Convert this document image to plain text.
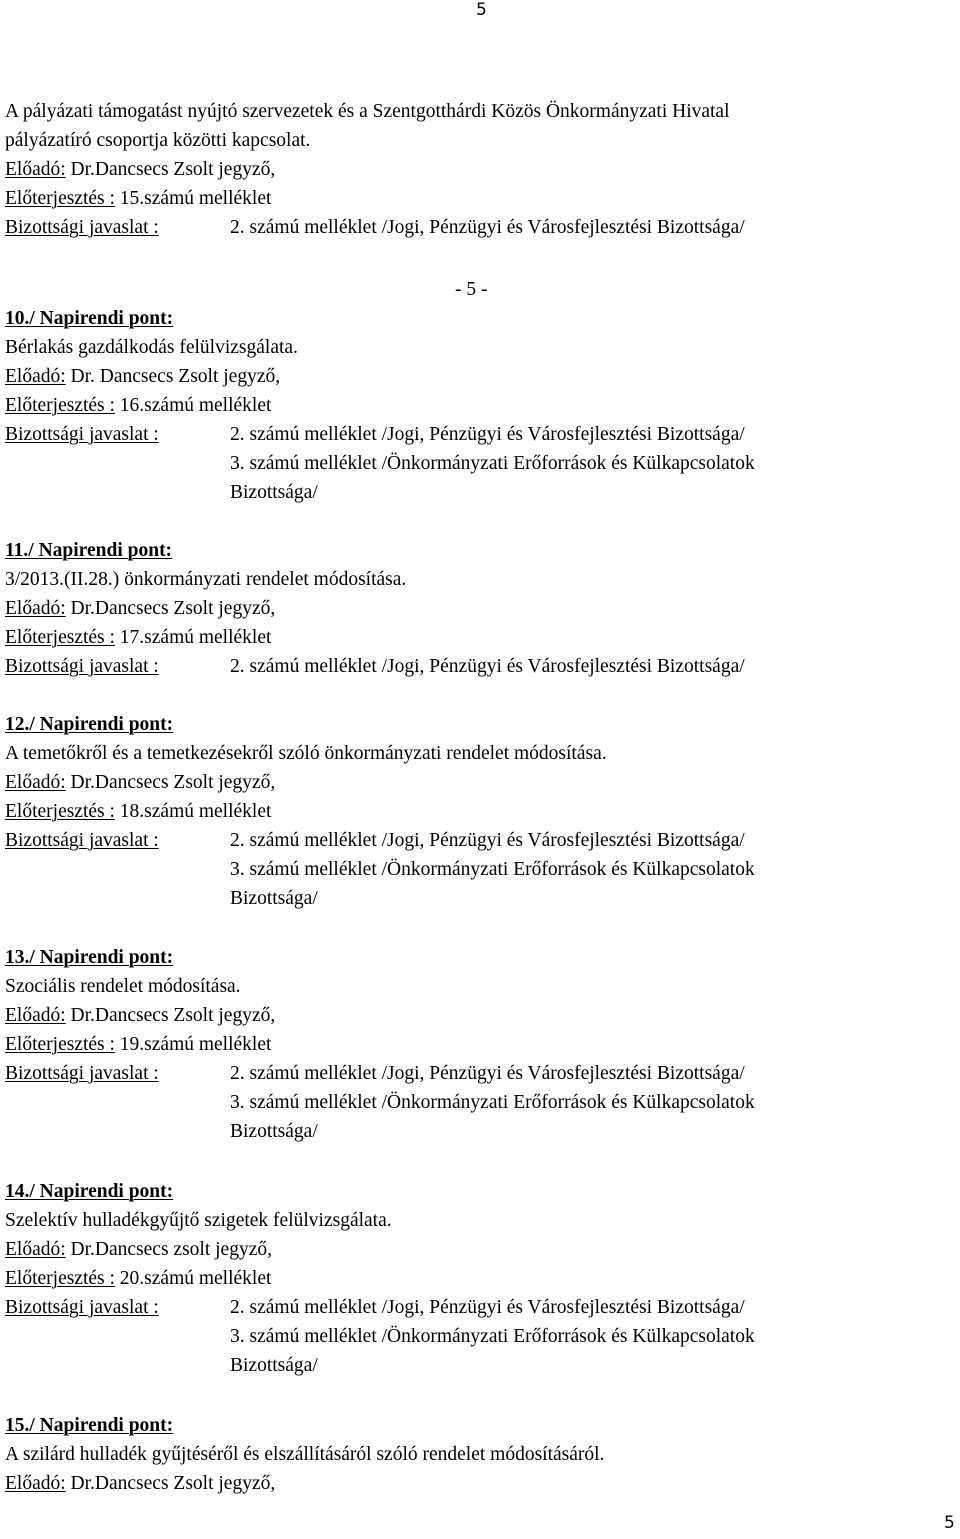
5
A pályázati támogatást nyújtó szervezetek és a Szentgotthárdi Közös Önkormányzati Hivatal
pályázatíró csoportja közötti kapcsolat.
Előadó: Dr.Dancsecs Zsolt jegyző,
Előterjesztés : 15.számú melléklet
Bizottsági javaslat :	2. számú melléklet /Jogi, Pénzügyi és Városfejlesztési Bizottsága/
- 5 -
10./ Napirendi pont:
Bérlakás gazdálkodás felülvizsgálata.
Előadó: Dr. Dancsecs Zsolt jegyző,
Előterjesztés : 16.számú melléklet
Bizottsági javaslat :	2. számú melléklet /Jogi, Pénzügyi és Városfejlesztési Bizottsága/
3. számú melléklet /Önkormányzati Erőforrások és Külkapcsolatok
Bizottsága/
11./ Napirendi pont:
3/2013.(II.28.) önkormányzati rendelet módosítása.
Előadó: Dr.Dancsecs Zsolt jegyző,
Előterjesztés : 17.számú melléklet
Bizottsági javaslat :	2. számú melléklet /Jogi, Pénzügyi és Városfejlesztési Bizottsága/
12./ Napirendi pont:
A temetőkről és a temetkezésekről szóló önkormányzati rendelet módosítása.
Előadó: Dr.Dancsecs Zsolt jegyző,
Előterjesztés : 18.számú melléklet
Bizottsági javaslat :	2. számú melléklet /Jogi, Pénzügyi és Városfejlesztési Bizottsága/
3. számú melléklet /Önkormányzati Erőforrások és Külkapcsolatok
Bizottsága/
13./ Napirendi pont:
Szociális rendelet módosítása.
Előadó: Dr.Dancsecs Zsolt jegyző,
Előterjesztés : 19.számú melléklet
Bizottsági javaslat :	2. számú melléklet /Jogi, Pénzügyi és Városfejlesztési Bizottsága/
3. számú melléklet /Önkormányzati Erőforrások és Külkapcsolatok
Bizottsága/
14./ Napirendi pont:
Szelektív hulladékgyűjtő szigetek felülvizsgálata.
Előadó: Dr.Dancsecs zsolt jegyző,
Előterjesztés : 20.számú melléklet
Bizottsági javaslat :	2. számú melléklet /Jogi, Pénzügyi és Városfejlesztési Bizottsága/
3. számú melléklet /Önkormányzati Erőforrások és Külkapcsolatok
Bizottsága/
15./ Napirendi pont:
A szilárd hulladék gyűjtéséről és elszállításáról szóló rendelet módosításáról.
Előadó: Dr.Dancsecs Zsolt jegyző,
5
